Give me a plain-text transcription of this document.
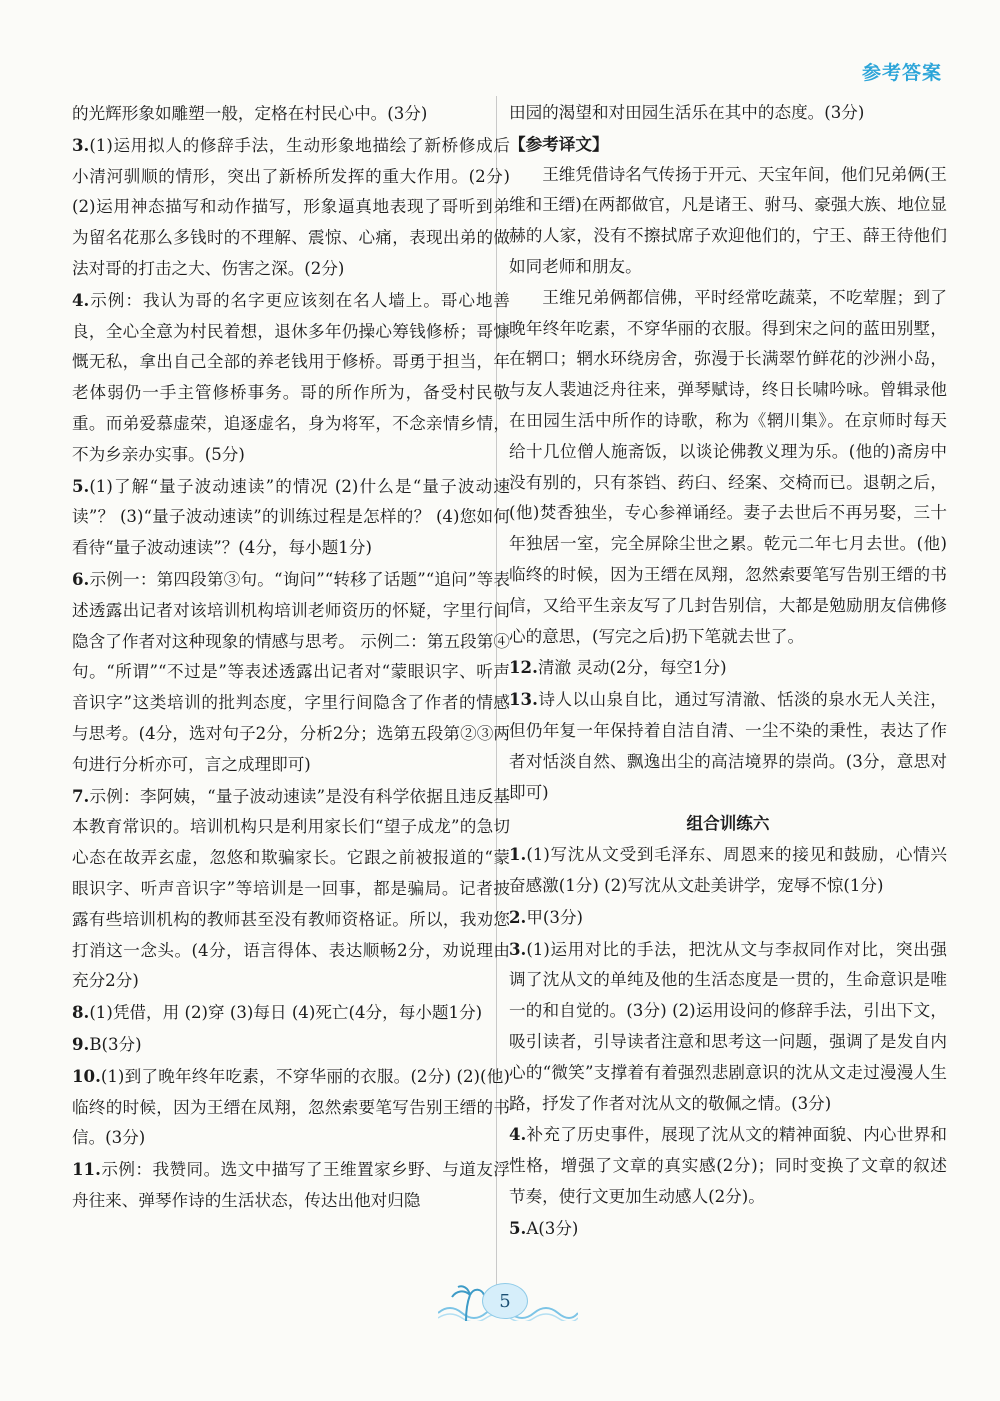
参考答案

的光辉形象如雕塑一般，定格在村民心中。(3分)

3.(1)运用拟人的修辞手法，生动形象地描绘了新桥修成后小清河驯顺的情形，突出了新桥所发挥的重大作用。(2分) (2)运用神态描写和动作描写，形象逼真地表现了哥听到弟为留名花那么多钱时的不理解、震惊、心痛，表现出弟的做法对哥的打击之大、伤害之深。(2分)

4.示例：我认为哥的名字更应该刻在名人墙上。哥心地善良，全心全意为村民着想，退休多年仍操心筹钱修桥；哥慷慨无私，拿出自己全部的养老钱用于修桥。哥勇于担当，年老体弱仍一手主管修桥事务。哥的所作所为，备受村民敬重。而弟爱慕虚荣，追逐虚名，身为将军，不念亲情乡情，不为乡亲办实事。(5分)

5.(1)了解“量子波动速读”的情况 (2)什么是“量子波动速读”？ (3)“量子波动速读”的训练过程是怎样的？ (4)您如何看待“量子波动速读”？(4分，每小题1分)

6.示例一：第四段第③句。“询问”“转移了话题”“追问”等表述透露出记者对该培训机构培训老师资历的怀疑，字里行间隐含了作者对这种现象的情感与思考。 示例二：第五段第④句。“所谓”“不过是”等表述透露出记者对“蒙眼识字、听声音识字”这类培训的批判态度，字里行间隐含了作者的情感与思考。(4分，选对句子2分，分析2分；选第五段第②③两句进行分析亦可，言之成理即可)

7.示例：李阿姨，“量子波动速读”是没有科学依据且违反基本教育常识的。培训机构只是利用家长们“望子成龙”的急切心态在故弄玄虚，忽悠和欺骗家长。它跟之前被报道的“蒙眼识字、听声音识字”等培训是一回事，都是骗局。记者披露有些培训机构的教师甚至没有教师资格证。所以，我劝您打消这一念头。(4分，语言得体、表达顺畅2分，劝说理由充分2分)

8.(1)凭借，用 (2)穿 (3)每日 (4)死亡(4分，每小题1分)

9.B(3分)

10.(1)到了晚年终年吃素，不穿华丽的衣服。(2分) (2)(他)临终的时候，因为王缙在凤翔，忽然索要笔写告别王缙的书信。(3分)

11.示例：我赞同。选文中描写了王维置家乡野、与道友浮舟往来、弹琴作诗的生活状态，传达出他对归隐

田园的渴望和对田园生活乐在其中的态度。(3分)

【参考译文】

王维凭借诗名气传扬于开元、天宝年间，他们兄弟俩(王维和王缙)在两都做官，凡是诸王、驸马、豪强大族、地位显赫的人家，没有不擦拭席子欢迎他们的，宁王、薛王待他们如同老师和朋友。

王维兄弟俩都信佛，平时经常吃蔬菜，不吃荤腥；到了晚年终年吃素，不穿华丽的衣服。得到宋之问的蓝田别墅，在辋口；辋水环绕房舍，弥漫于长满翠竹鲜花的沙洲小岛，与友人裴迪泛舟往来，弹琴赋诗，终日长啸吟咏。曾辑录他在田园生活中所作的诗歌，称为《辋川集》。在京师时每天给十几位僧人施斋饭，以谈论佛教义理为乐。(他的)斋房中没有别的，只有茶铛、药臼、经案、交椅而已。退朝之后，(他)焚香独坐，专心参禅诵经。妻子去世后不再另娶，三十年独居一室，完全屏除尘世之累。乾元二年七月去世。(他)临终的时候，因为王缙在凤翔，忽然索要笔写告别王缙的书信，又给平生亲友写了几封告别信，大都是勉励朋友信佛修心的意思，(写完之后)扔下笔就去世了。

12.清澈 灵动(2分，每空1分)

13.诗人以山泉自比，通过写清澈、恬淡的泉水无人关注，但仍年复一年保持着自洁自清、一尘不染的秉性，表达了作者对恬淡自然、飘逸出尘的高洁境界的崇尚。(3分，意思对即可)

组合训练六

1.(1)写沈从文受到毛泽东、周恩来的接见和鼓励，心情兴奋感激(1分) (2)写沈从文赴美讲学，宠辱不惊(1分)

2.甲(3分)

3.(1)运用对比的手法，把沈从文与李叔同作对比，突出强调了沈从文的单纯及他的生活态度是一贯的，生命意识是唯一的和自觉的。(3分) (2)运用设问的修辞手法，引出下文，吸引读者，引导读者注意和思考这一问题，强调了是发自内心的“微笑”支撑着有着强烈悲剧意识的沈从文走过漫漫人生路，抒发了作者对沈从文的敬佩之情。(3分)

4.补充了历史事件，展现了沈从文的精神面貌、内心世界和性格，增强了文章的真实感(2分)；同时变换了文章的叙述节奏，使行文更加生动感人(2分)。

5.A(3分)

5
